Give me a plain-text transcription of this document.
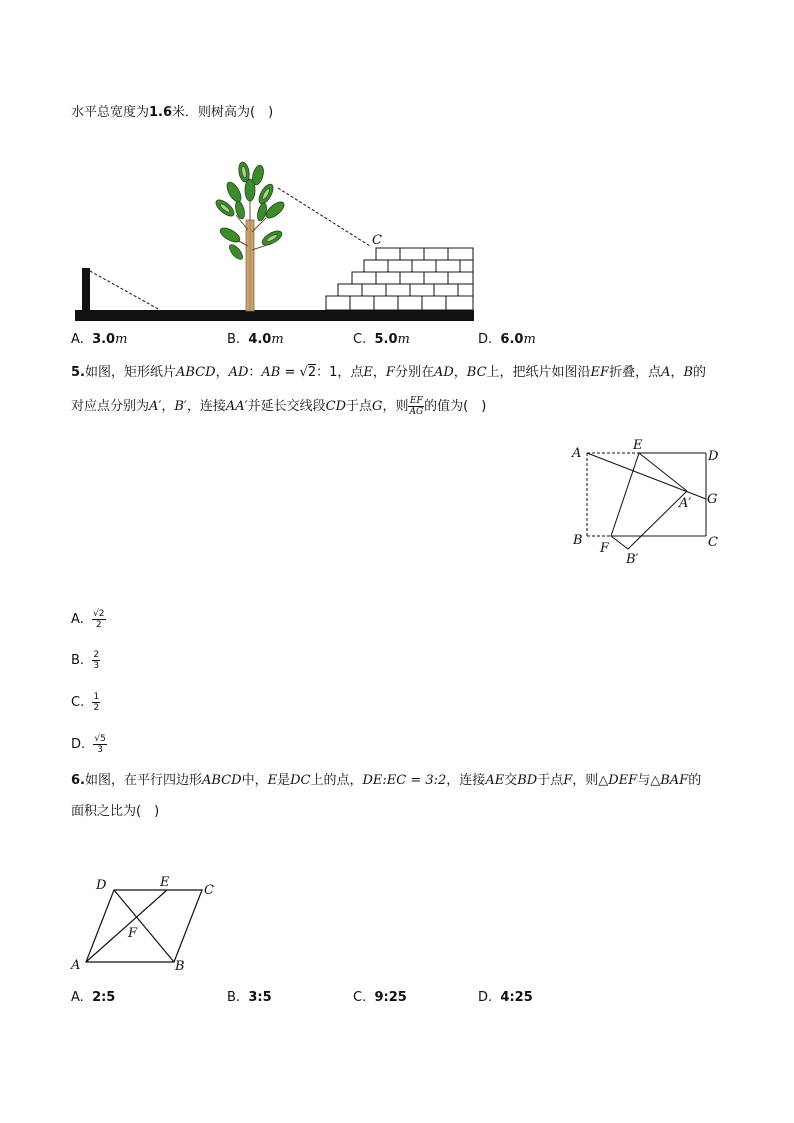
水平总宽度为1.6米．则树高为(　)
C
A. 3.0m	B. 4.0m	C. 5.0m	D. 6.0m
5.如图，矩形纸片ABCD，AD：AB = √2：1，点E，F分别在AD，BC上，把纸片如图沿EF折叠，点A，B的
对应点分别为A′，B′，连接AA′并延长交线段CD于点G，则 $\frac{EF}{AG}$ 的值为(　)
A
E
D
G
A′
B
F	C
B′
A. $\frac{√2}{2}$
B. $\frac{2}{3}$
C. $\frac{1}{2}$
D. $\frac{√5}{3}$
6.如图，在平行四边形ABCD中，E是DC上的点，DE:EC = 3:2，连接AE交BD于点F，则△DEF与△BAF的
面积之比为(　)
D	E
C
F
A	B
A. 2:5	B. 3:5	C. 9:25	D. 4:25
